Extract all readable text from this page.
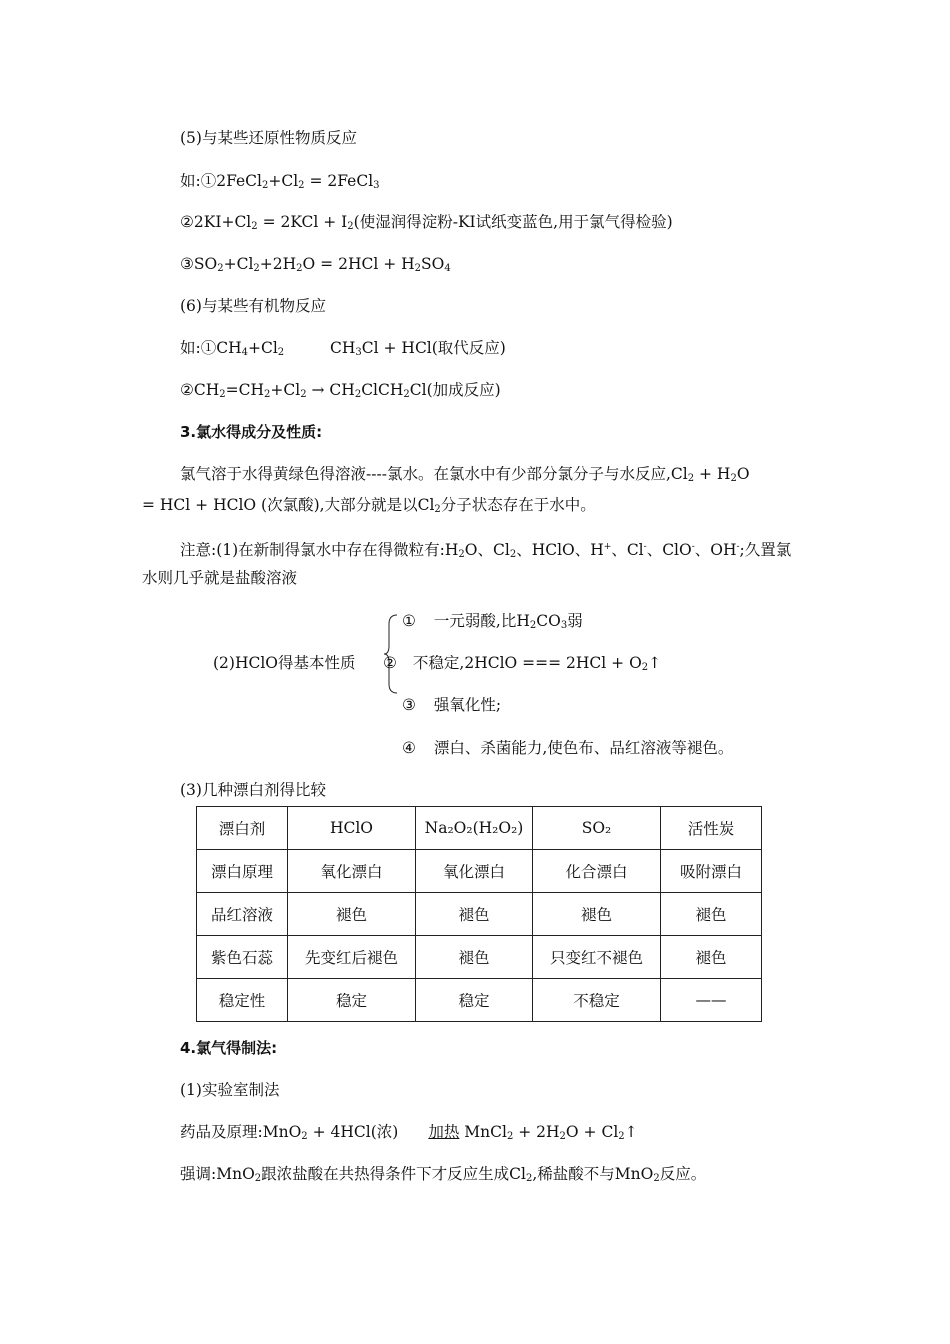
(5)与某些还原性物质反应
如$:①2FeCl_2+Cl_2$ = 2FeCl$_3$
$②2KI+Cl_2 = 2KCl + I_2$(使湿润得淀粉-KI试纸变蓝色,用于氯气得检验)
$③SO_2+Cl_2+2H_2O = 2HCl + H_2SO_4$
(6)与某些有机物反应
如$:①CH_4+Cl_2$	$CH_3Cl + HCl$(取代反应)
$②CH_2=CH_2+Cl_2$ → $CH_2ClCH_2Cl$(加成反应)
3.氯水得成分及性质:
氯气溶于水得黄绿色得溶液----氯水。在氯水中有少部分氯分子与水反应$,Cl_2 + H_2O$
= HCl + HClO (次氯酸),大部分就是以$Cl_2$分子状态存在于水中。
注意:(1)在新制得氯水中存在得微粒有$:H_2O$、$Cl_2$、HClO、H+、Cl-、ClO-、OH-;久置氯
水则几乎就是盐酸溶液
(2)HClO得基本性质
① 一元弱酸,比$H_2CO_3$弱
② 不稳定,2HClO === $2HCl + O_2↑$
③ 强氧化性;
④ 漂白、杀菌能力,使色布、品红溶液等褪色。
(3)几种漂白剂得比较
漂白剂	HClO	Na₂O₂(H₂O₂)	SO₂	活性炭
漂白原理	氧化漂白	氧化漂白	化合漂白	吸附漂白
品红溶液	褪色	褪色	褪色	褪色
紫色石蕊	先变红后褪色	褪色	只变红不褪色	褪色
稳定性	稳定	稳定	不稳定	——
4.氯气得制法:
(1)实验室制法
药品及原理:MnO$_2$ + 4HCl(浓) 加热 MnCl$_2$ + $2H_2O$ + $Cl_2↑$
强调:MnO$_2$跟浓盐酸在共热得条件下才反应生成$Cl_2$,稀盐酸不与MnO$_2$反应。
